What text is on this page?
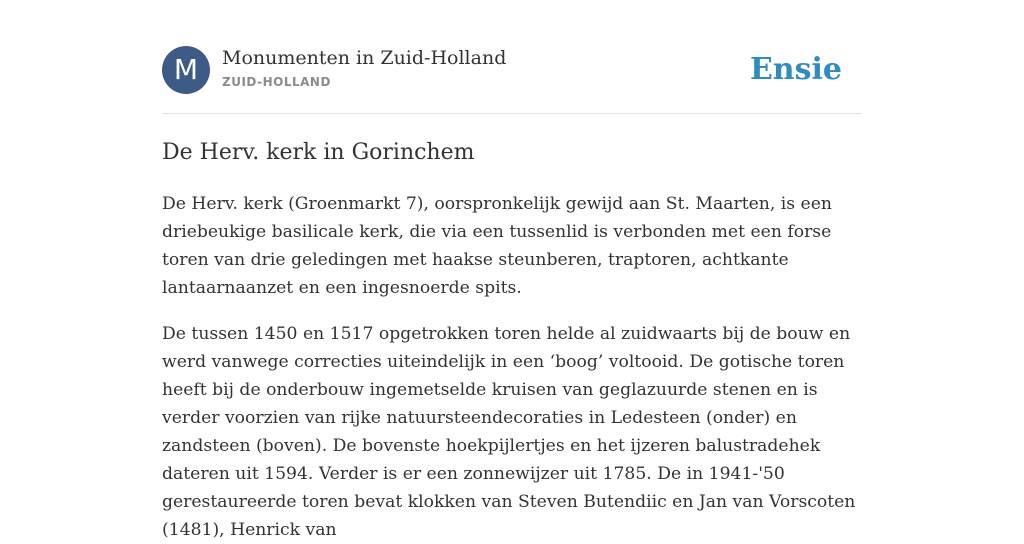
M	Monumenten in Zuid-Holland
ZUID-HOLLAND	Ensie
De Herv. kerk in Gorinchem

De Herv. kerk (Groenmarkt 7), oorspronkelijk gewijd aan St. Maarten, is een driebeukige basilicale kerk, die via een tussenlid is verbonden met een forse toren van drie geledingen met haakse steunberen, traptoren, achtkante lantaarnaanzet en een ingesnoerde spits.

De tussen 1450 en 1517 opgetrokken toren helde al zuidwaarts bij de bouw en werd vanwege correcties uiteindelijk in een ‘boog’ voltooid. De gotische toren heeft bij de onderbouw ingemetselde kruisen van geglazuurde stenen en is verder voorzien van rijke natuursteendecoraties in Ledesteen (onder) en zandsteen (boven). De bovenste hoekpijlertjes en het ijzeren balustradehek dateren uit 1594. Verder is er een zonnewijzer uit 1785. De in 1941-'50 gerestaureerde toren bevat klokken van Steven Butendiic en Jan van Vorscoten (1481), Henrick van
